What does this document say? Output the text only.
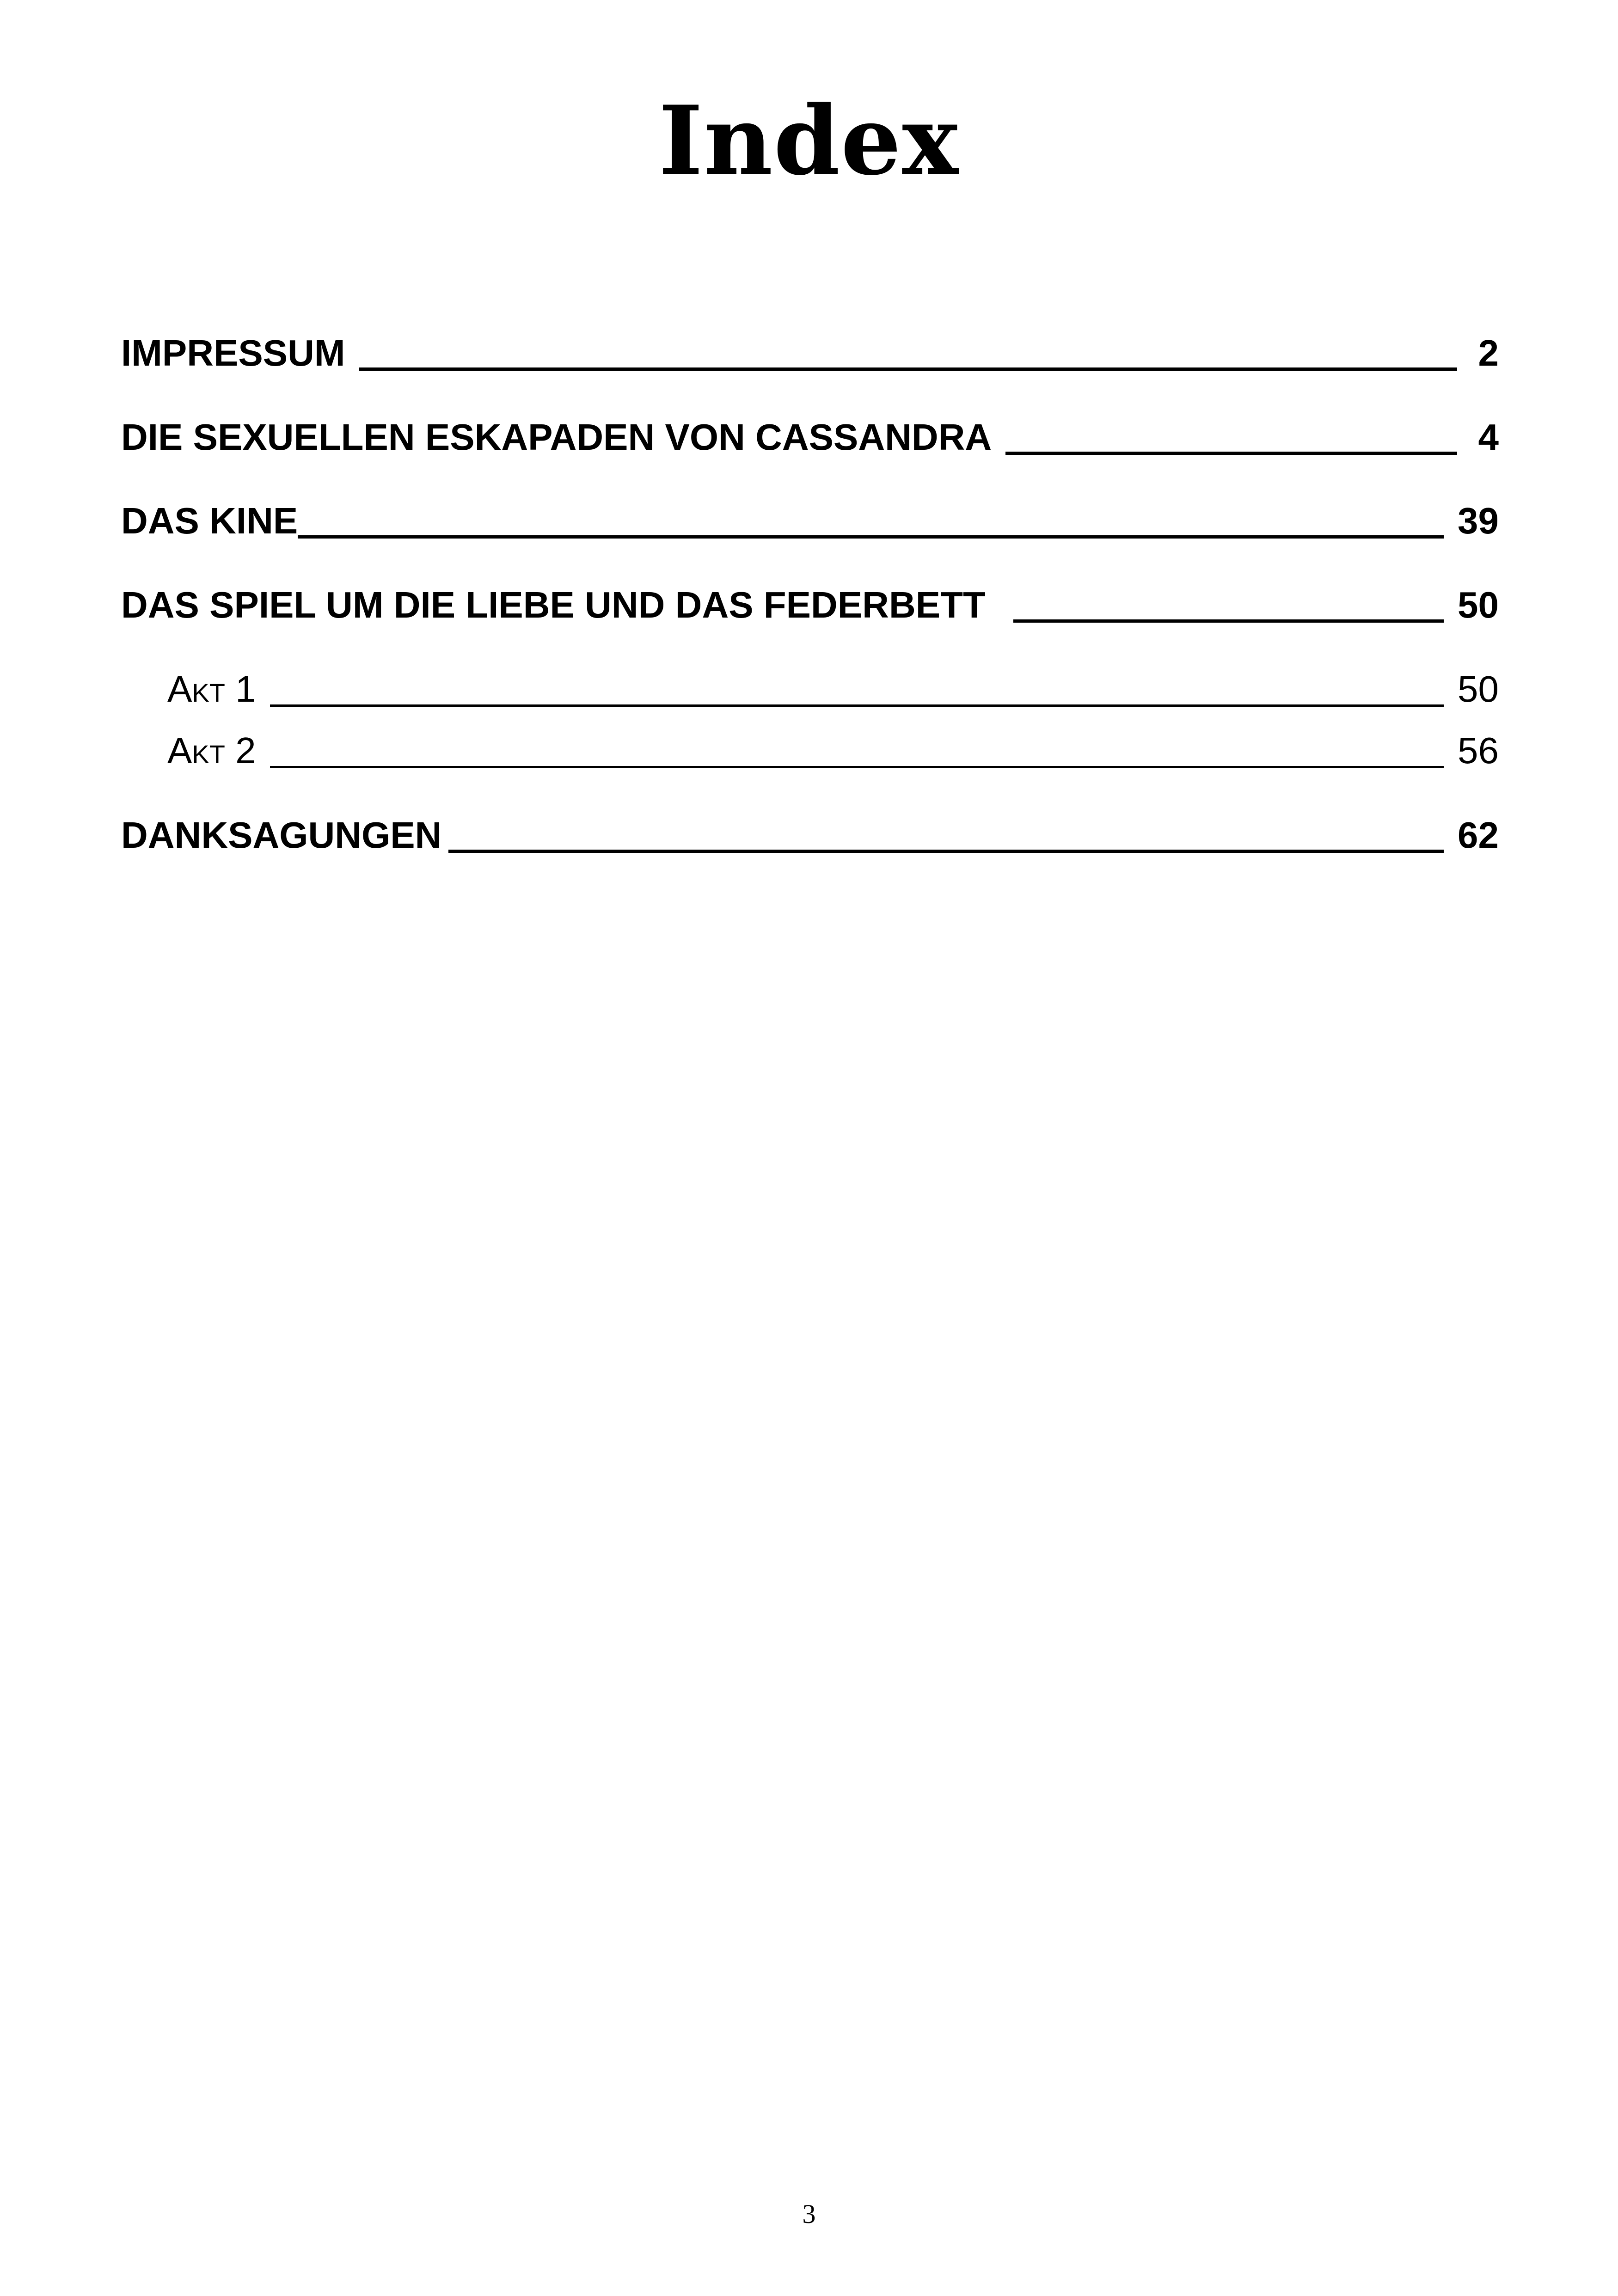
Index
IMPRESSUM	2
DIE SEXUELLEN ESKAPADEN VON CASSANDRA	4
DAS KINE	39
DAS SPIEL UM DIE LIEBE UND DAS FEDERBETT	50
Akt 1	50
Akt 2	56
DANKSAGUNGEN	62
3
